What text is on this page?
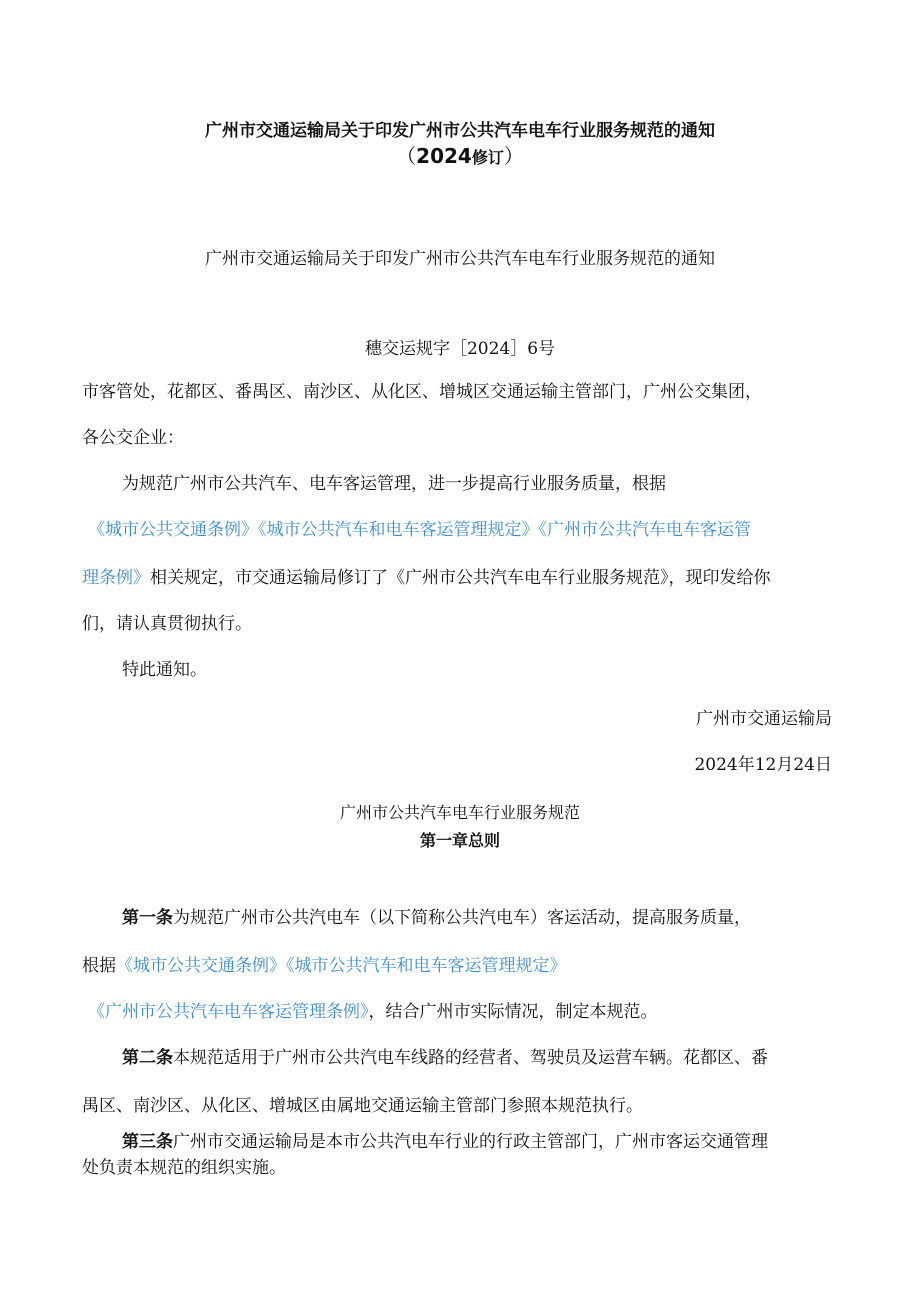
广州市交通运输局关于印发广州市公共汽车电车行业服务规范的通知
（2024修订）
广州市交通运输局关于印发广州市公共汽车电车行业服务规范的通知
穗交运规字［2024］6号
市客管处，花都区、番禺区、南沙区、从化区、增城区交通运输主管部门，广州公交集团，
各公交企业：
为规范广州市公共汽车、电车客运管理，进一步提高行业服务质量，根据
《城市公共交通条例》《城市公共汽车和电车客运管理规定》《广州市公共汽车电车客运管
理条例》相关规定，市交通运输局修订了《广州市公共汽车电车行业服务规范》，现印发给你
们，请认真贯彻执行。
特此通知。
广州市交通运输局
2024年12月24日
广州市公共汽车电车行业服务规范
第一章总则
第一条为规范广州市公共汽电车（以下简称公共汽电车）客运活动，提高服务质量，
根据《城市公共交通条例》《城市公共汽车和电车客运管理规定》
《广州市公共汽车电车客运管理条例》，结合广州市实际情况，制定本规范。
第二条本规范适用于广州市公共汽电车线路的经营者、驾驶员及运营车辆。花都区、番
禺区、南沙区、从化区、增城区由属地交通运输主管部门参照本规范执行。
第三条广州市交通运输局是本市公共汽电车行业的行政主管部门，广州市客运交通管理
处负责本规范的组织实施。
